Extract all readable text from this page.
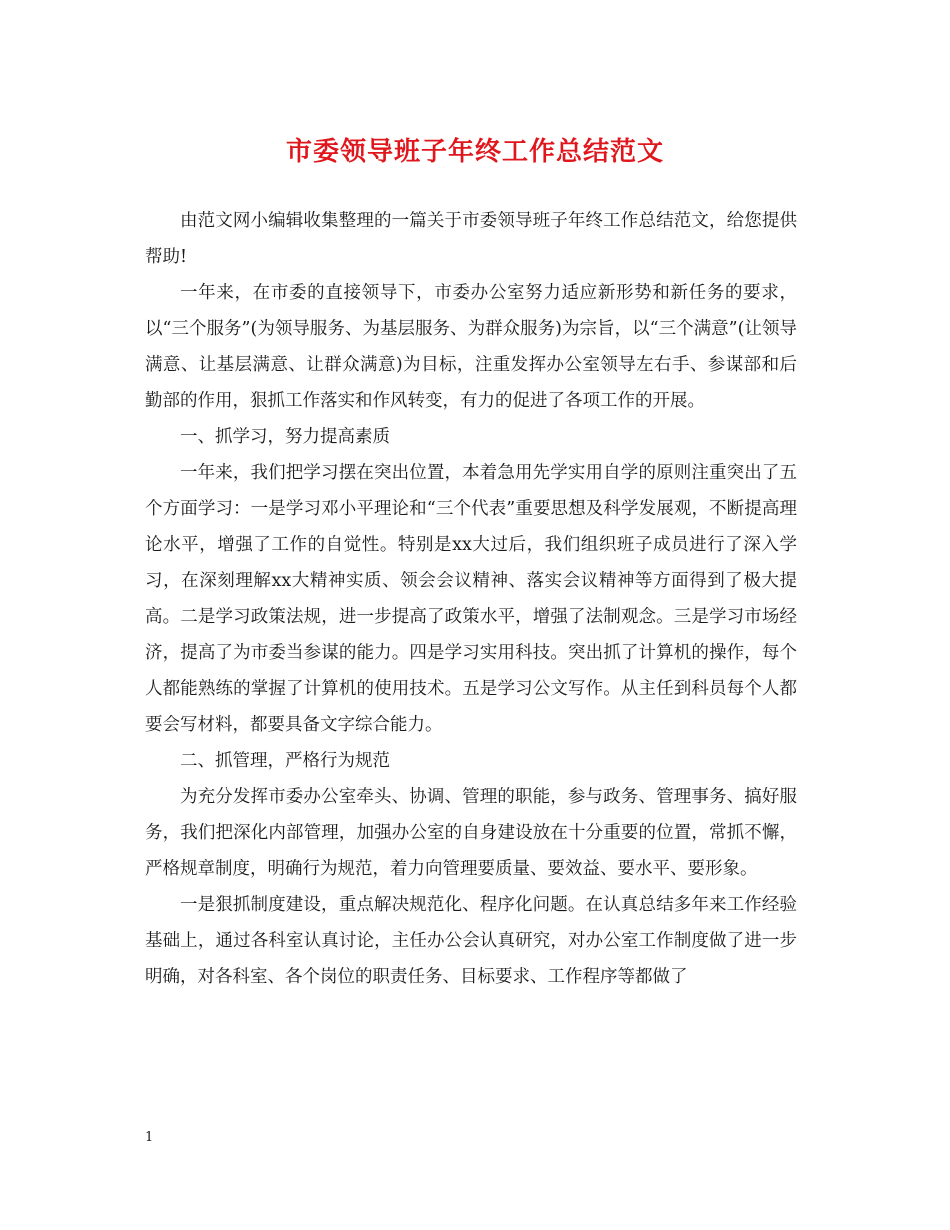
市委领导班子年终工作总结范文

由范文网小编辑收集整理的一篇关于市委领导班子年终工作总结范文，给您提供帮助!

一年来，在市委的直接领导下，市委办公室努力适应新形势和新任务的要求，以“三个服务”(为领导服务、为基层服务、为群众服务)为宗旨，以“三个满意”(让领导满意、让基层满意、让群众满意)为目标，注重发挥办公室领导左右手、参谋部和后勤部的作用，狠抓工作落实和作风转变，有力的促进了各项工作的开展。

一、抓学习，努力提高素质

一年来，我们把学习摆在突出位置，本着急用先学实用自学的原则注重突出了五个方面学习：一是学习邓小平理论和“三个代表”重要思想及科学发展观，不断提高理论水平，增强了工作的自觉性。特别是xx大过后，我们组织班子成员进行了深入学习，在深刻理解xx大精神实质、领会会议精神、落实会议精神等方面得到了极大提高。二是学习政策法规，进一步提高了政策水平，增强了法制观念。三是学习市场经济，提高了为市委当参谋的能力。四是学习实用科技。突出抓了计算机的操作，每个人都能熟练的掌握了计算机的使用技术。五是学习公文写作。从主任到科员每个人都要会写材料，都要具备文字综合能力。

二、抓管理，严格行为规范

为充分发挥市委办公室牵头、协调、管理的职能，参与政务、管理事务、搞好服务，我们把深化内部管理，加强办公室的自身建设放在十分重要的位置，常抓不懈，严格规章制度，明确行为规范，着力向管理要质量、要效益、要水平、要形象。

一是狠抓制度建设，重点解决规范化、程序化问题。在认真总结多年来工作经验基础上，通过各科室认真讨论，主任办公会认真研究，对办公室工作制度做了进一步明确，对各科室、各个岗位的职责任务、目标要求、工作程序等都做了

1
